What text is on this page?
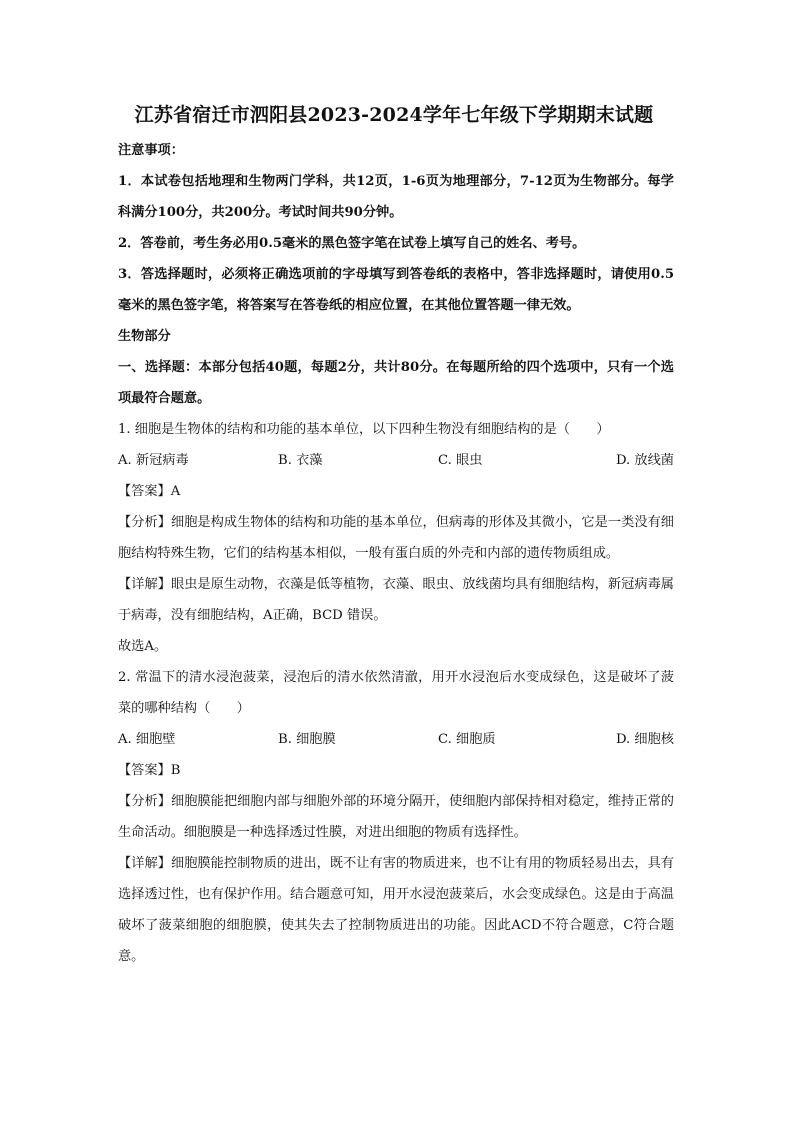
江苏省宿迁市泗阳县2023-2024学年七年级下学期期末试题
注意事项：
1．本试卷包括地理和生物两门学科，共12页，1-6页为地理部分，7-12页为生物部分。每学科满分100分，共200分。考试时间共90分钟。
2．答卷前，考生务必用0.5毫米的黑色签字笔在试卷上填写自己的姓名、考号。
3．答选择题时，必须将正确选项前的字母填写到答卷纸的表格中，答非选择题时，请使用0.5毫米的黑色签字笔，将答案写在答卷纸的相应位置，在其他位置答题一律无效。
生物部分
一、选择题：本部分包括40题，每题2分，共计80分。在每题所给的四个选项中，只有一个选项最符合题意。
1. 细胞是生物体的结构和功能的基本单位，以下四种生物没有细胞结构的是（　　）
A. 新冠病毒	B. 衣藻	C. 眼虫	D. 放线菌
【答案】A
【分析】细胞是构成生物体的结构和功能的基本单位，但病毒的形体及其微小，它是一类没有细胞结构特殊生物，它们的结构基本相似，一般有蛋白质的外壳和内部的遗传物质组成。
【详解】眼虫是原生动物，衣藻是低等植物，衣藻、眼虫、放线菌均具有细胞结构，新冠病毒属于病毒，没有细胞结构，A正确，BCD 错误。
故选A。
2. 常温下的清水浸泡菠菜，浸泡后的清水依然清澈，用开水浸泡后水变成绿色，这是破坏了菠菜的哪种结构（　　）
A. 细胞壁	B. 细胞膜	C. 细胞质	D. 细胞核
【答案】B
【分析】细胞膜能把细胞内部与细胞外部的环境分隔开，使细胞内部保持相对稳定，维持正常的生命活动。细胞膜是一种选择透过性膜，对进出细胞的物质有选择性。
【详解】细胞膜能控制物质的进出，既不让有害的物质进来，也不让有用的物质轻易出去，具有选择透过性，也有保护作用。结合题意可知，用开水浸泡菠菜后，水会变成绿色。这是由于高温破坏了菠菜细胞的细胞膜，使其失去了控制物质进出的功能。因此ACD不符合题意，C符合题意。
